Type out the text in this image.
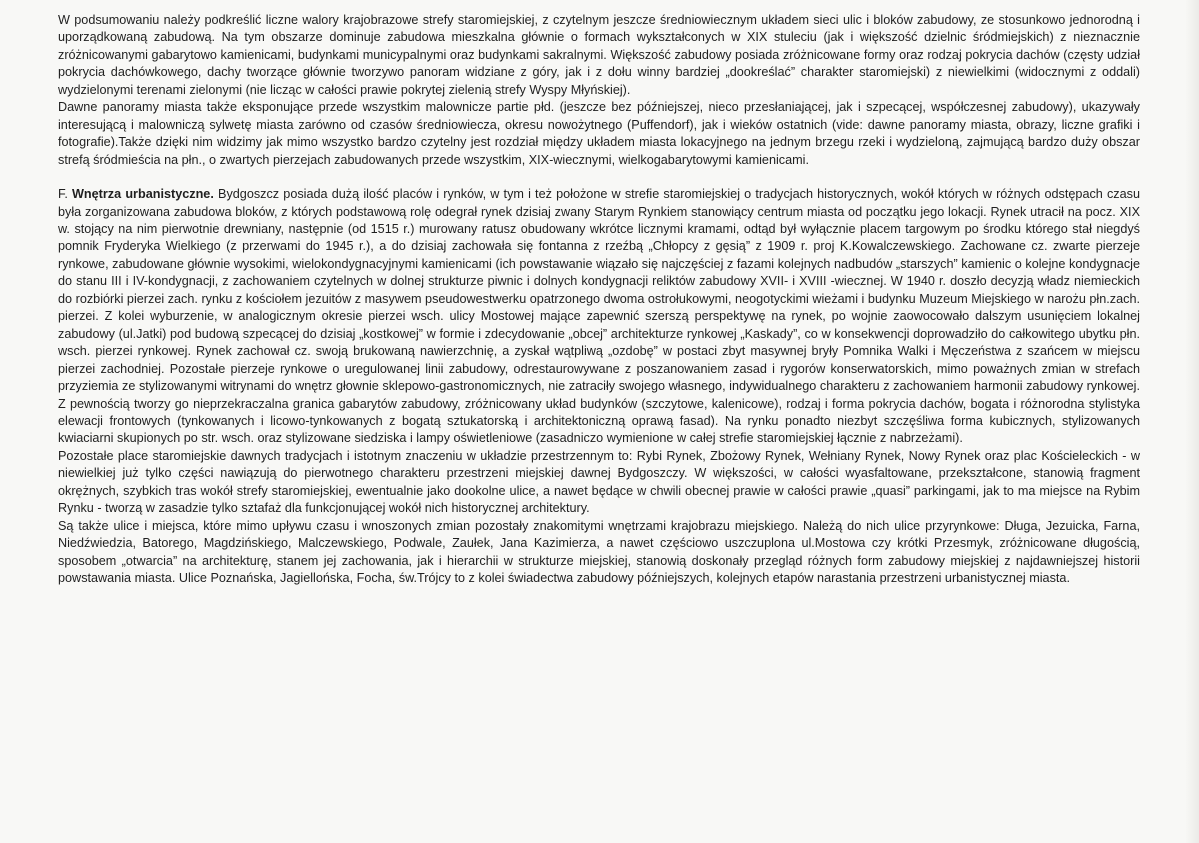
W podsumowaniu należy podkreślić liczne walory krajobrazowe strefy staromiejskiej, z czytelnym jeszcze średniowiecznym układem sieci ulic i bloków zabudowy, ze stosunkowo jednorodną i uporządkowaną zabudową. Na tym obszarze dominuje zabudowa mieszkalna głównie o formach wykształconych w XIX stuleciu (jak i większość dzielnic śródmiejskich) z nieznacznie zróżnicowanymi gabarytowo kamienicami, budynkami municypalnymi oraz budynkami sakralnymi. Większość zabudowy posiada zróżnicowane formy oraz rodzaj pokrycia dachów (częsty udział pokrycia dachówkowego, dachy tworzące głównie tworzywo panoram widziane z góry, jak i z dołu winny bardziej „dookreślać” charakter staromiejski) z niewielkimi (widocznymi z oddali) wydzielonymi terenami zielonymi (nie licząc w całości prawie pokrytej zielenią strefy Wyspy Młyńskiej).

Dawne panoramy miasta także eksponujące przede wszystkim malownicze partie płd. (jeszcze bez późniejszej, nieco przesłaniającej, jak i szpecącej, współczesnej zabudowy), ukazywały interesującą i malowniczą sylwetę miasta zarówno od czasów średniowiecza, okresu nowożytnego (Puffendorf), jak i wieków ostatnich (vide: dawne panoramy miasta, obrazy, liczne grafiki i fotografie).Także dzięki nim widzimy jak mimo wszystko bardzo czytelny jest rozdział między układem miasta lokacyjnego na jednym brzegu rzeki i wydzieloną, zajmującą bardzo duży obszar strefą śródmieścia na płn., o zwartych pierzejach zabudowanych przede wszystkim, XIX-wiecznymi, wielkogabarytowymi kamienicami.

F. Wnętrza urbanistyczne. Bydgoszcz posiada dużą ilość placów i rynków, w tym i też położone w strefie staromiejskiej o tradycjach historycznych, wokół których w różnych odstępach czasu była zorganizowana zabudowa bloków, z których podstawową rolę odegrał rynek dzisiaj zwany Starym Rynkiem stanowiący centrum miasta od początku jego lokacji. Rynek utracił na pocz. XIX w. stojący na nim pierwotnie drewniany, następnie (od 1515 r.) murowany ratusz obudowany wkrótce licznymi kramami, odtąd był wyłącznie placem targowym po środku którego stał niegdyś pomnik Fryderyka Wielkiego (z przerwami do 1945 r.), a do dzisiaj zachowała się fontanna z rzeźbą „Chłopcy z gęsią” z 1909 r. proj K.Kowalczewskiego. Zachowane cz. zwarte pierzeje rynkowe, zabudowane głównie wysokimi, wielokondygnacyjnymi kamienicami (ich powstawanie wiązało się najczęściej z fazami kolejnych nadbudów „starszych” kamienic o kolejne kondygnacje do stanu III i IV-kondygnacji, z zachowaniem czytelnych w dolnej strukturze piwnic i dolnych kondygnacji reliktów zabudowy XVII- i XVIII -wiecznej. W 1940 r. doszło decyzją władz niemieckich do rozbiórki pierzei zach. rynku z kościołem jezuitów z masywem pseudowestwerku opatrzonego dwoma ostrołukowymi, neogotyckimi wieżami i budynku Muzeum Miejskiego w narożu płn.zach. pierzei. Z kolei wyburzenie, w analogicznym okresie pierzei wsch. ulicy Mostowej mające zapewnić szerszą perspektywę na rynek, po wojnie zaowocowało dalszym usunięciem lokalnej zabudowy (ul.Jatki) pod budową szpecącej do dzisiaj „kostkowej” w formie i zdecydowanie „obcej” architekturze rynkowej „Kaskady”, co w konsekwencji doprowadziło do całkowitego ubytku płn. wsch. pierzei rynkowej. Rynek zachował cz. swoją brukowaną nawierzchnię, a zyskał wątpliwą „ozdobę” w postaci zbyt masywnej bryły Pomnika Walki i Męczeństwa z szańcem w miejscu pierzei zachodniej. Pozostałe pierzeje rynkowe o uregulowanej linii zabudowy, odrestaurowywane z poszanowaniem zasad i rygorów konserwatorskich, mimo poważnych zmian w strefach przyziemia ze stylizowanymi witrynami do wnętrz głownie sklepowo-gastronomicznych, nie zatraciły swojego własnego, indywidualnego charakteru z zachowaniem harmonii zabudowy rynkowej. Z pewnością tworzy go nieprzekraczalna granica gabarytów zabudowy, zróżnicowany układ budynków (szczytowe, kalenicowe), rodzaj i forma pokrycia dachów, bogata i różnorodna stylistyka elewacji frontowych (tynkowanych i licowo-tynkowanych z bogatą sztukatorską i architektoniczną oprawą fasad). Na rynku ponadto niezbyt szczęśliwa forma kubicznych, stylizowanych kwiaciarni skupionych po str. wsch. oraz stylizowane siedziska i lampy oświetleniowe (zasadniczo wymienione w całej strefie staromiejskiej łącznie z nabrzeżami).

Pozostałe place staromiejskie dawnych tradycjach i istotnym znaczeniu w układzie przestrzennym to: Rybi Rynek, Zbożowy Rynek, Wełniany Rynek, Nowy Rynek oraz plac Kościeleckich - w niewielkiej już tylko części nawiązują do pierwotnego charakteru przestrzeni miejskiej dawnej Bydgoszczy. W większości, w całości wyasfaltowane, przekształcone, stanowią fragment okrężnych, szybkich tras wokół strefy staromiejskiej, ewentualnie jako dookolne ulice, a nawet będące w chwili obecnej prawie w całości prawie „quasi” parkingami, jak to ma miejsce na Rybim Rynku - tworzą w zasadzie tylko sztafaż dla funkcjonującej wokół nich historycznej architektury.

Są także ulice i miejsca, które mimo upływu czasu i wnoszonych zmian pozostały znakomitymi wnętrzami krajobrazu miejskiego. Należą do nich ulice przyrynkowe: Długa, Jezuicka, Farna, Niedźwiedzia, Batorego, Magdzińskiego, Malczewskiego, Podwale, Zaułek, Jana Kazimierza, a nawet częściowo uszczuplona ul.Mostowa czy krótki Przesmyk, zróżnicowane długością, sposobem „otwarcia” na architekturę, stanem jej zachowania, jak i hierarchii w strukturze miejskiej, stanowią doskonały przegląd różnych form zabudowy miejskiej z najdawniejszej historii powstawania miasta. Ulice Poznańska, Jagiellońska, Focha, św.Trójcy to z kolei świadectwa zabudowy późniejszych, kolejnych etapów narastania przestrzeni urbanistycznej miasta.
